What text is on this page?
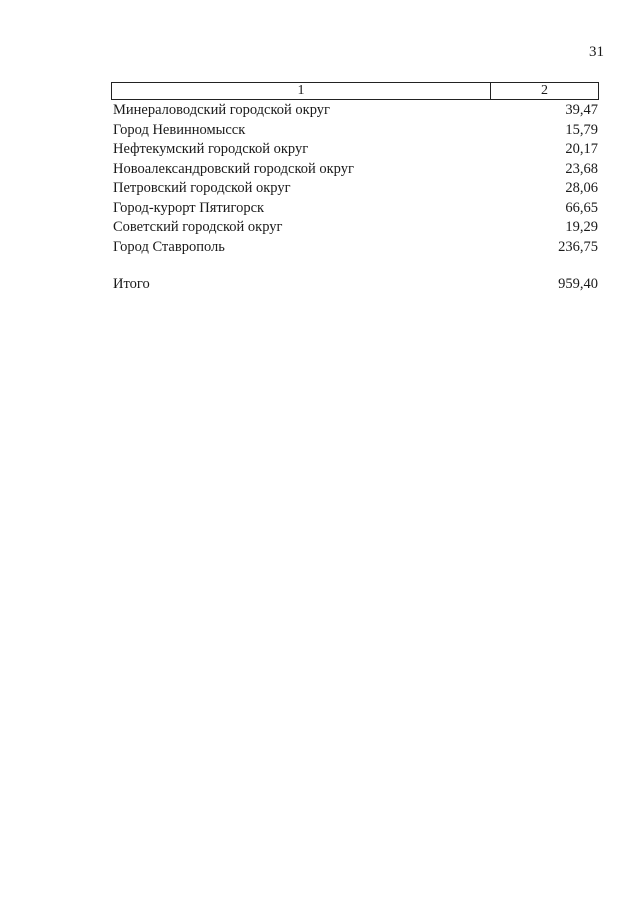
31
1	2
Минераловодский городской округ	39,47
Город Невинномысск	15,79
Нефтекумский городской округ	20,17
Новоалександровский городской округ	23,68
Петровский городской округ	28,06
Город-курорт Пятигорск	66,65
Советский городской округ	19,29
Город Ставрополь	236,75
Итого	959,40
